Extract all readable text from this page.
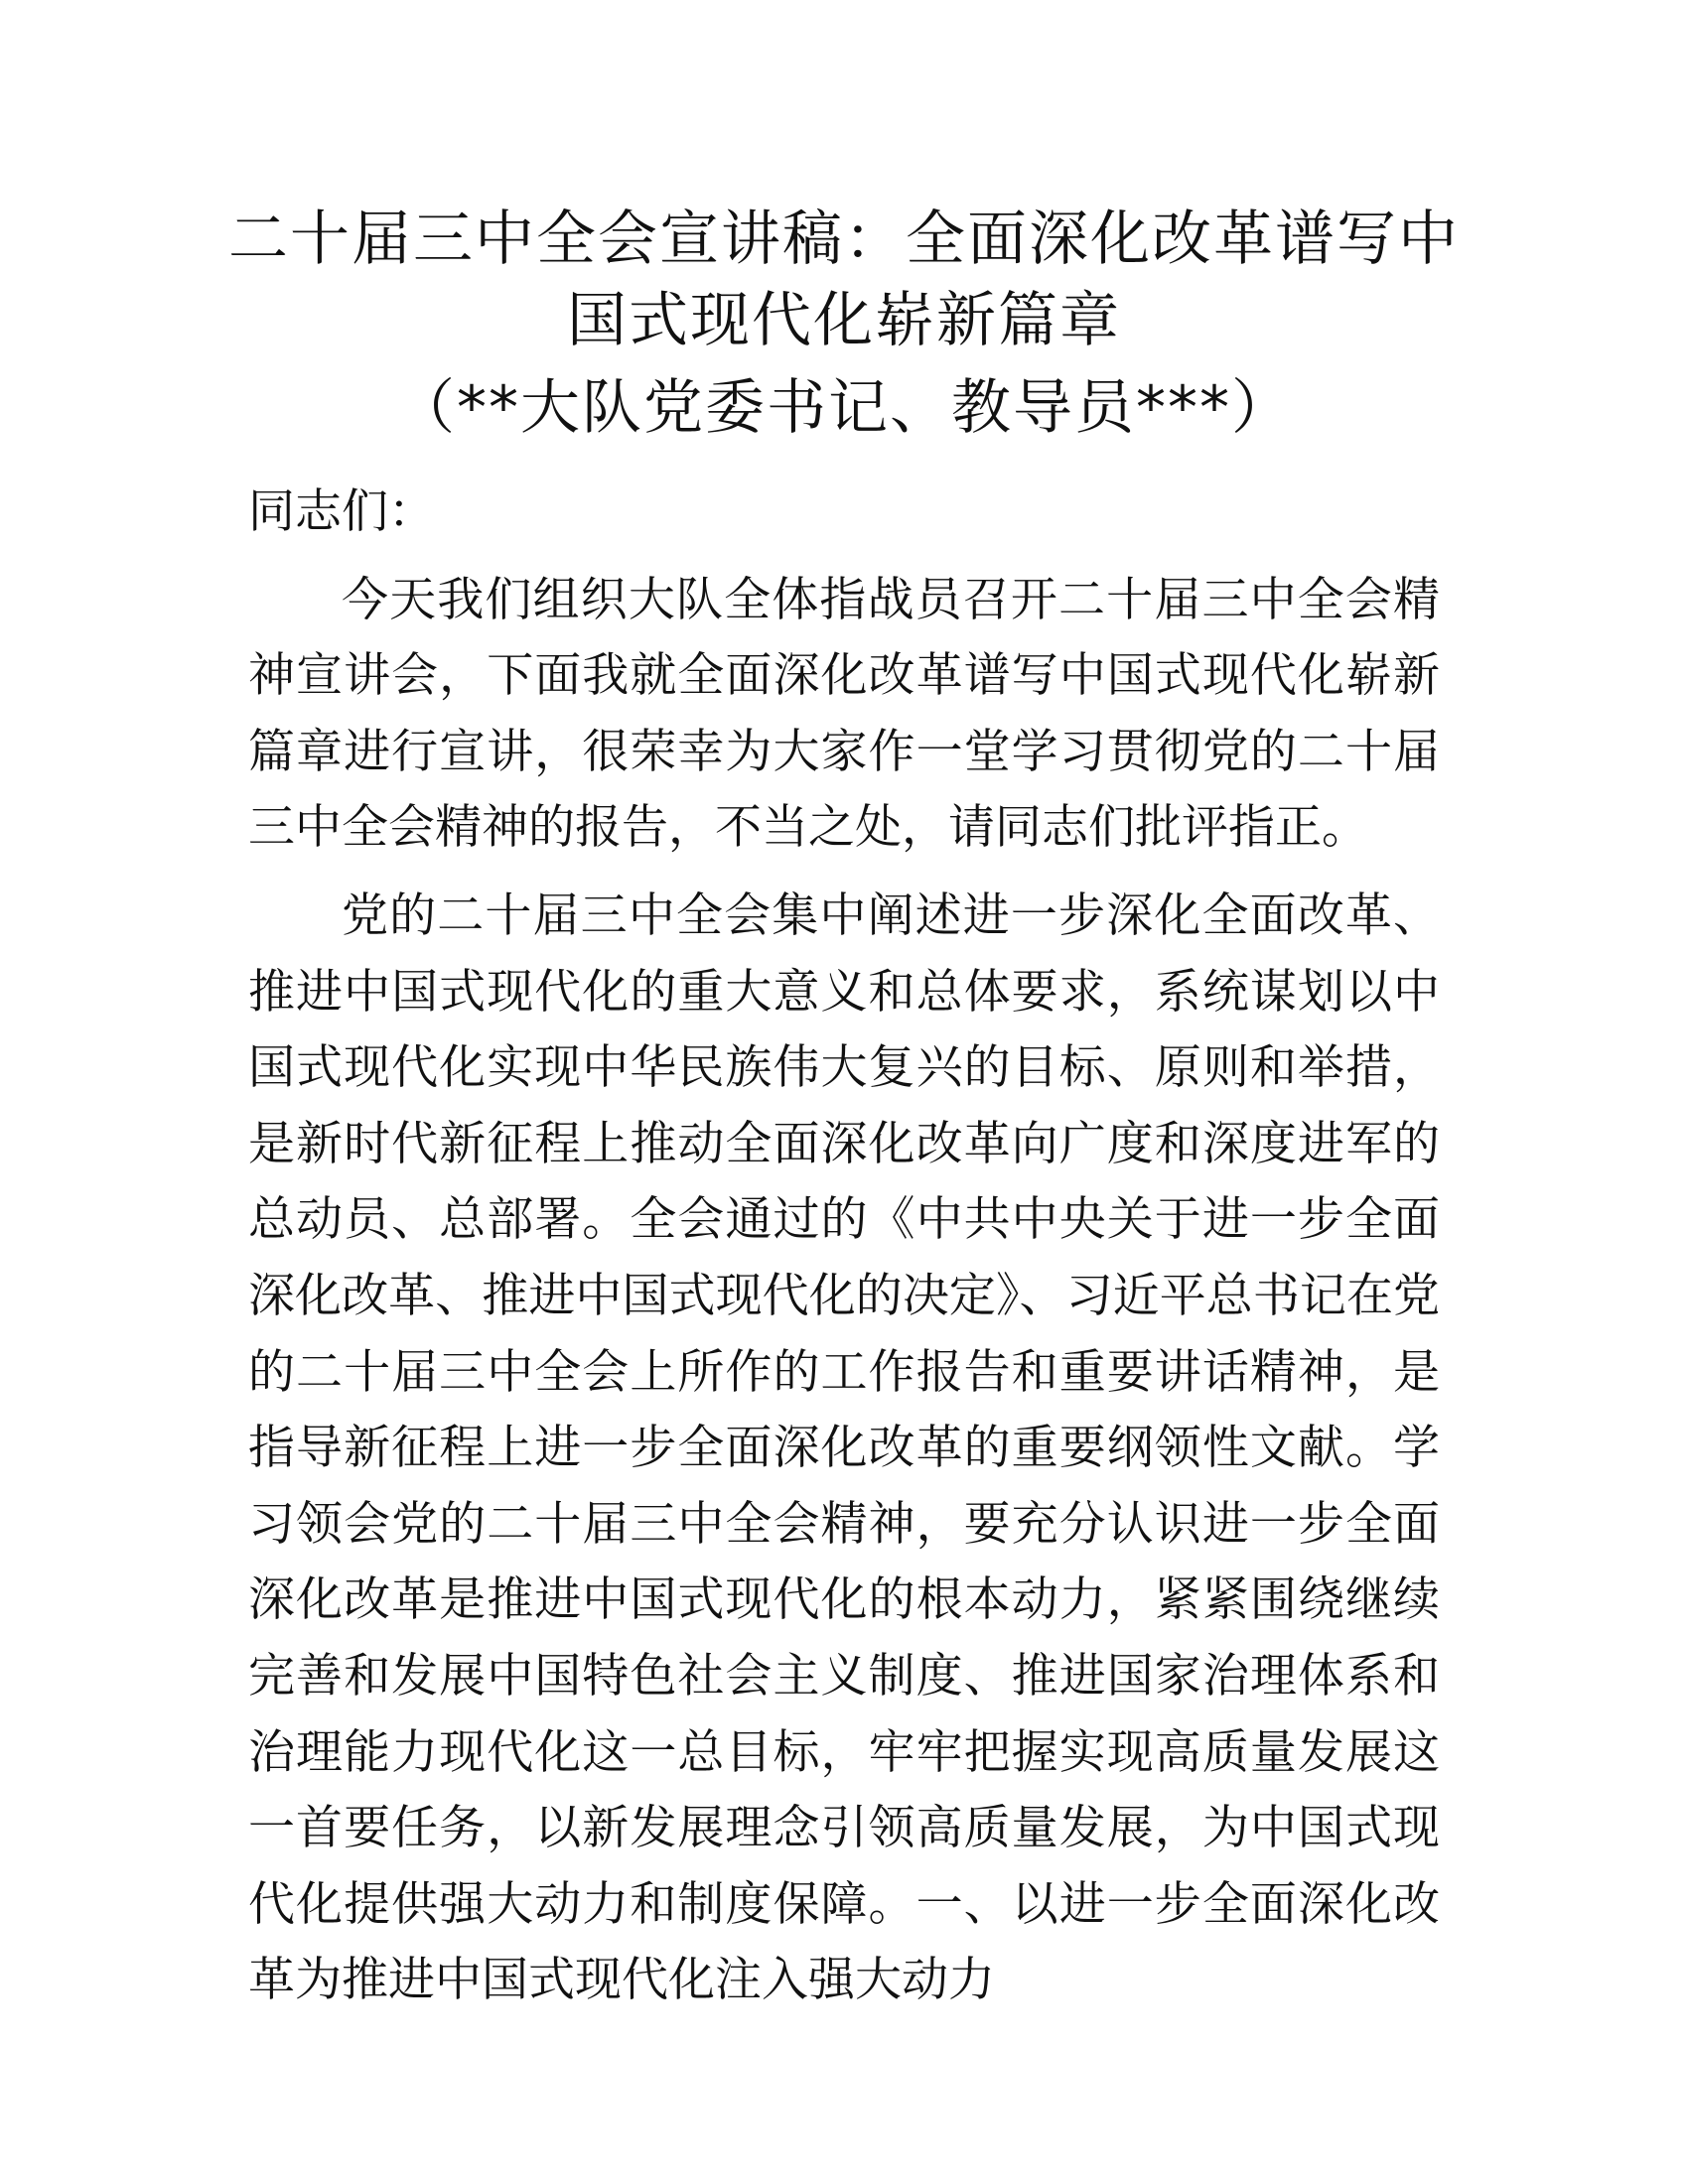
二十届三中全会宣讲稿：全面深化改革谱写中国式现代化崭新篇章
（**大队党委书记、教导员***）

同志们：

今天我们组织大队全体指战员召开二十届三中全会精神宣讲会，下面我就全面深化改革谱写中国式现代化崭新篇章进行宣讲，很荣幸为大家作一堂学习贯彻党的二十届三中全会精神的报告，不当之处，请同志们批评指正。

党的二十届三中全会集中阐述进一步深化全面改革、推进中国式现代化的重大意义和总体要求，系统谋划以中国式现代化实现中华民族伟大复兴的目标、原则和举措，是新时代新征程上推动全面深化改革向广度和深度进军的总动员、总部署。全会通过的《中共中央关于进一步全面深化改革、推进中国式现代化的决定》、习近平总书记在党的二十届三中全会上所作的工作报告和重要讲话精神，是指导新征程上进一步全面深化改革的重要纲领性文献。学习领会党的二十届三中全会精神，要充分认识进一步全面深化改革是推进中国式现代化的根本动力，紧紧围绕继续完善和发展中国特色社会主义制度、推进国家治理体系和治理能力现代化这一总目标，牢牢把握实现高质量发展这一首要任务，以新发展理念引领高质量发展，为中国式现代化提供强大动力和制度保障。一、以进一步全面深化改革为推进中国式现代化注入强大动力
